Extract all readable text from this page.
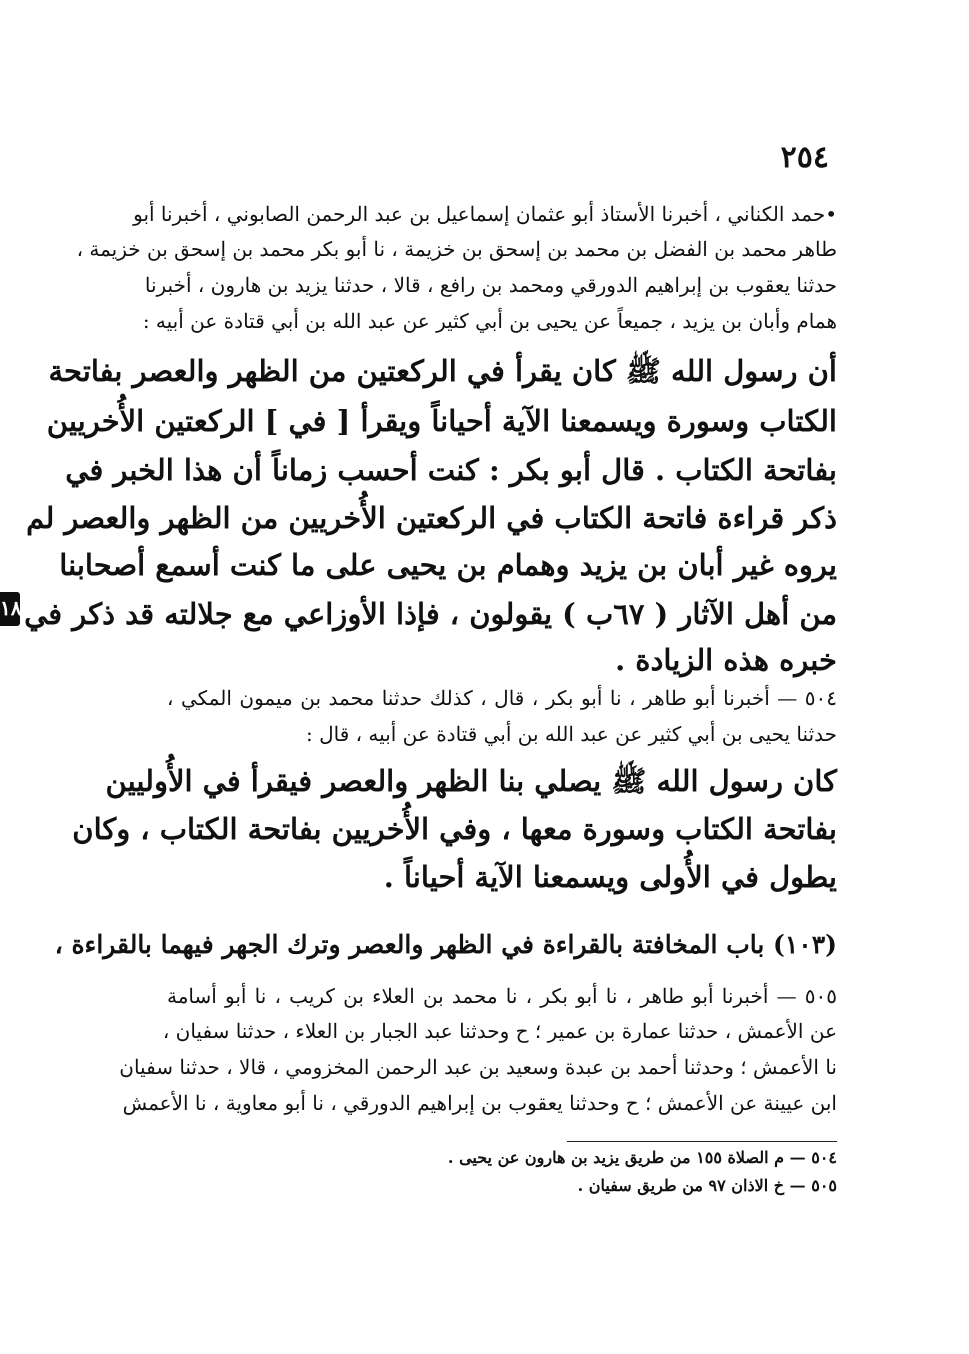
٢٥٤
•حمد الكناني ، أخبرنا الأستاذ أبو عثمان إسماعيل بن عبد الرحمن الصابوني ، أخبرنا أبو
طاهر محمد بن الفضل بن محمد بن إسحق بن خزيمة ، نا أبو بكر محمد بن إسحق بن خزيمة ،
حدثنا يعقوب بن إبراهيم الدورقي ومحمد بن رافع ، قالا ، حدثنا يزيد بن هارون ، أخبرنا
همام وأبان بن يزيد ، جميعاً عن يحيى بن أبي كثير عن عبد الله بن أبي قتادة عن أبيه :
أن رسول الله ﷺ كان يقرأ في الركعتين من الظهر والعصر بفاتحة
الكتاب وسورة ويسمعنا الآية أحياناً ويقرأ [ في ] الركعتين الأُخريين
بفاتحة الكتاب . قال أبو بكر : كنت أحسب زماناً أن هذا الخبر في
ذكر قراءة فاتحة الكتاب في الركعتين الأُخريين من الظهر والعصر لم
يروه غير أبان بن يزيد وهمام بن يحيى على ما كنت أسمع أصحابنا
من أهل الآثار ( ٦٧ب ) يقولون ، فإذا الأوزاعي مع جلالته قد ذكر في
خبره هذه الزيادة .
٥٠٤ — أخبرنا أبو طاهر ، نا أبو بكر ، قال ، كذلك حدثنا محمد بن ميمون المكي ،
حدثنا يحيى بن أبي كثير عن عبد الله بن أبي قتادة عن أبيه ، قال :
كان رسول الله ﷺ يصلي بنا الظهر والعصر فيقرأ في الأُوليين
بفاتحة الكتاب وسورة معها ، وفي الأُخريين بفاتحة الكتاب ، وكان
يطول في الأُولى ويسمعنا الآية أحياناً .
(١٠٣) باب المخافتة بالقراءة في الظهر والعصر وترك الجهر فيهما بالقراءة ،
٥٠٥ — أخبرنا أبو طاهر ، نا أبو بكر ، نا محمد بن العلاء بن كريب ، نا أبو أسامة
عن الأعمش ، حدثنا عمارة بن عمير ؛ ح وحدثنا عبد الجبار بن العلاء ، حدثنا سفيان ،
نا الأعمش ؛ وحدثنا أحمد بن عبدة وسعيد بن عبد الرحمن المخزومي ، قالا ، حدثنا سفيان
ابن عيينة عن الأعمش ؛ ح وحدثنا يعقوب بن إبراهيم الدورقي ، نا أبو معاوية ، نا الأعمش
٥٠٤ — م الصلاة ١٥٥ من طريق يزيد بن هارون عن يحيى .
٥٠٥ — خ الاذان ٩٧ من طريق سفيان .
١٨
